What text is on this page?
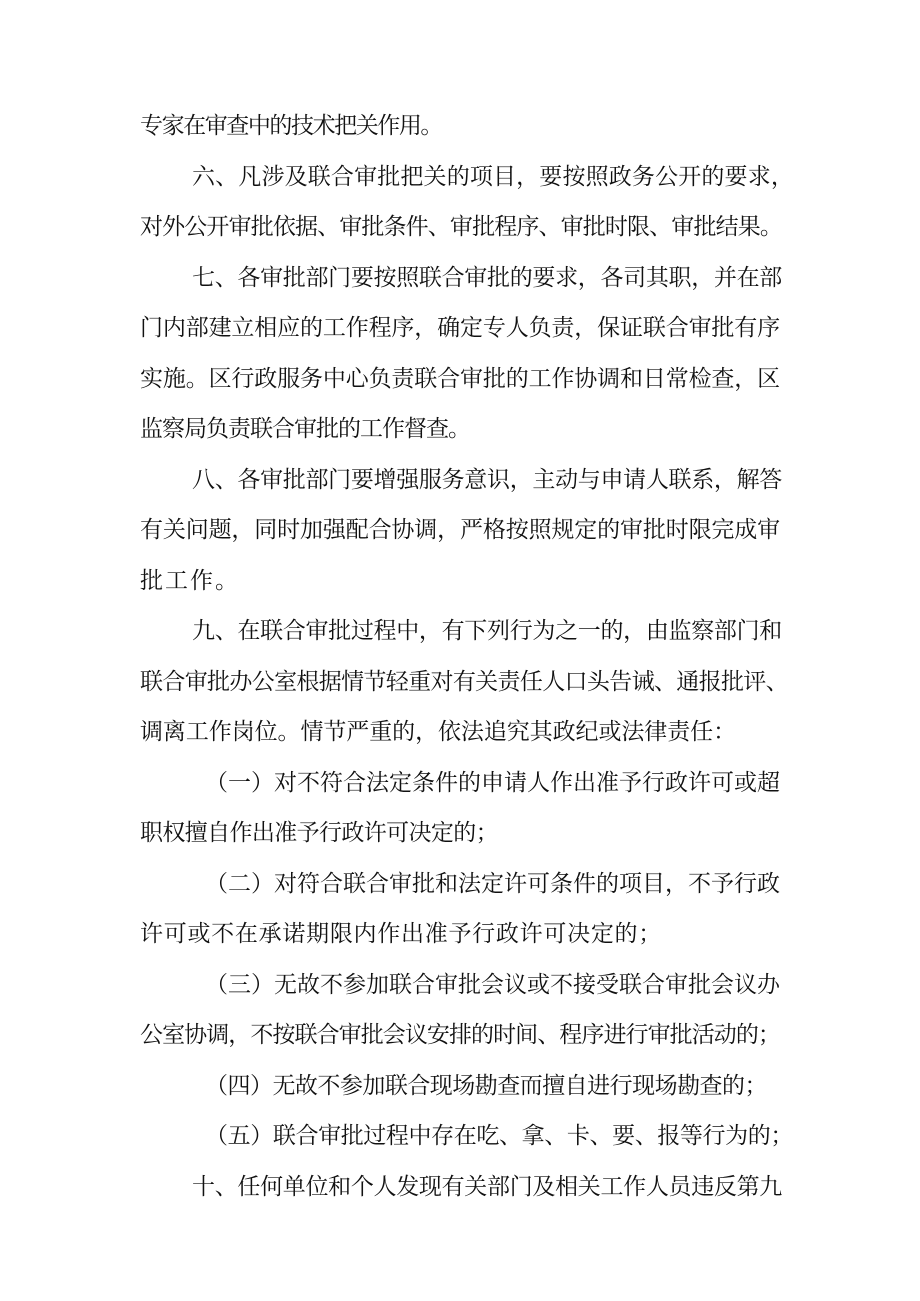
专家在审查中的技术把关作用。
六、凡涉及联合审批把关的项目，要按照政务公开的要求，
对外公开审批依据、审批条件、审批程序、审批时限、审批结果。
七、各审批部门要按照联合审批的要求，各司其职，并在部
门内部建立相应的工作程序，确定专人负责，保证联合审批有序
实施。区行政服务中心负责联合审批的工作协调和日常检查，区
监察局负责联合审批的工作督查。
八、各审批部门要增强服务意识，主动与申请人联系，解答
有关问题，同时加强配合协调，严格按照规定的审批时限完成审
批工作。
九、在联合审批过程中，有下列行为之一的，由监察部门和
联合审批办公室根据情节轻重对有关责任人口头告诫、通报批评、
调离工作岗位。情节严重的，依法追究其政纪或法律责任：
（一）对不符合法定条件的申请人作出准予行政许可或超
职权擅自作出准予行政许可决定的；
（二）对符合联合审批和法定许可条件的项目，不予行政
许可或不在承诺期限内作出准予行政许可决定的；
（三）无故不参加联合审批会议或不接受联合审批会议办
公室协调，不按联合审批会议安排的时间、程序进行审批活动的；
（四）无故不参加联合现场勘查而擅自进行现场勘查的；
（五）联合审批过程中存在吃、拿、卡、要、报等行为的；
十、任何单位和个人发现有关部门及相关工作人员违反第九
